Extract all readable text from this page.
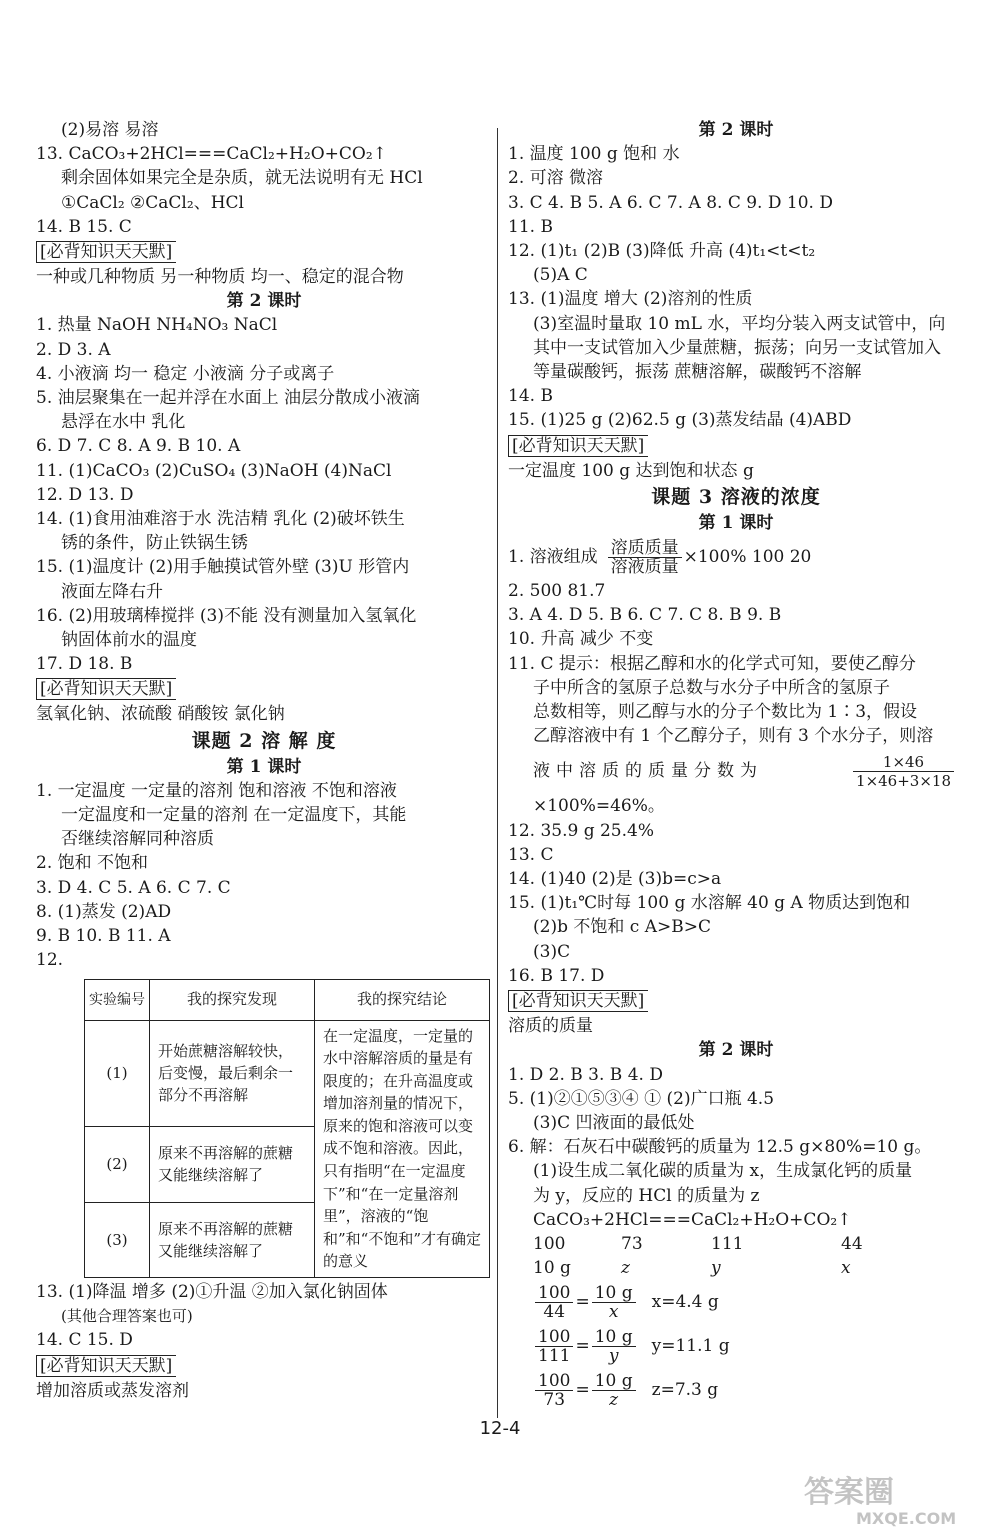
(2)易溶 易溶
13. CaCO₃+2HCl===CaCl₂+H₂O+CO₂↑
剩余固体如果完全是杂质，就无法说明有无 HCl
①CaCl₂ ②CaCl₂、HCl
14. B 15. C
[必背知识天天默]
一种或几种物质 另一种物质 均一、稳定的混合物
第 2 课时
1. 热量 NaOH NH₄NO₃ NaCl
2. D 3. A
4. 小液滴 均一 稳定 小液滴 分子或离子
5. 油层聚集在一起并浮在水面上 油层分散成小液滴
悬浮在水中 乳化
6. D 7. C 8. A 9. B 10. A
11. (1)CaCO₃ (2)CuSO₄ (3)NaOH (4)NaCl
12. D 13. D
14. (1)食用油难溶于水 洗洁精 乳化 (2)破坏铁生
锈的条件，防止铁锅生锈
15. (1)温度计 (2)用手触摸试管外壁 (3)U 形管内
液面左降右升
16. (2)用玻璃棒搅拌 (3)不能 没有测量加入氢氧化
钠固体前水的温度
17. D 18. B
[必背知识天天默]
氢氧化钠、浓硫酸 硝酸铵 氯化钠
课题 2 溶 解 度
第 1 课时
1. 一定温度 一定量的溶剂 饱和溶液 不饱和溶液
一定温度和一定量的溶剂 在一定温度下，其能
否继续溶解同种溶质
2. 饱和 不饱和
3. D 4. C 5. A 6. C 7. C
8. (1)蒸发 (2)AD
9. B 10. B 11. A
12.
实验编号	我的探究发现	我的探究结论
(1)	开始蔗糖溶解较快，后变慢，最后剩余一部分不再溶解	在一定温度，一定量的水中溶解溶质的量是有限度的；在升高温度或增加溶剂量的情况下，原来的饱和溶液可以变成不饱和溶液。因此，只有指明“在一定温度下”和“在一定量溶剂里”，溶液的“饱和”和“不饱和”才有确定的意义
(2)	原来不再溶解的蔗糖又能继续溶解了	
(3)	原来不再溶解的蔗糖又能继续溶解了	
13. (1)降温 增多 (2)①升温 ②加入氯化钠固体
(其他合理答案也可)
14. C 15. D
[必背知识天天默]
增加溶质或蒸发溶剂
第 2 课时
1. 温度 100 g 饱和 水
2. 可溶 微溶
3. C 4. B 5. A 6. C 7. A 8. C 9. D 10. D
11. B
12. (1)t₁ (2)B (3)降低 升高 (4)t₁<t<t₂
(5)A C
13. (1)温度 增大 (2)溶剂的性质
(3)室温时量取 10 mL 水，平均分装入两支试管中，向
其中一支试管加入少量蔗糖，振荡；向另一支试管加入
等量碳酸钙，振荡 蔗糖溶解，碳酸钙不溶解
14. B
15. (1)25 g (2)62.5 g (3)蒸发结晶 (4)ABD
[必背知识天天默]
一定温度 100 g 达到饱和状态 g
课题 3 溶液的浓度
第 1 课时
1. 溶液组成 $\frac{\text{溶质质量}}{\text{溶液质量}} \times 100\%$ 100 20
2. 500 81.7
3. A 4. D 5. B 6. C 7. C 8. B 9. B
10. 升高 减少 不变
11. C 提示：根据乙醇和水的化学式可知，要使乙醇分
子中所含的氢原子总数与水分子中所含的氢原子
总数相等，则乙醇与水的分子个数比为 1∶3，假设
乙醇溶液中有 1 个乙醇分子，则有 3 个水分子，则溶
液中溶质的质量分数为	$\frac{1\times 46}{1\times 46+3\times 18}$
×100%=46%。
12. 35.9 g 25.4%
13. C
14. (1)40 (2)是 (3)b=c>a
15. (1)t₁℃时每 100 g 水溶解 40 g A 物质达到饱和
(2)b 不饱和 c A>B>C
(3)C
16. B 17. D
[必背知识天天默]
溶质的质量
第 2 课时
1. D 2. B 3. B 4. D
5. (1)②①⑤③④ ① (2)广口瓶 4.5
(3)C 凹液面的最低处
6. 解：石灰石中碳酸钙的质量为 12.5 g×80%=10 g。
(1)设生成二氧化碳的质量为 x，生成氯化钙的质量
为 y，反应的 HCl 的质量为 z
CaCO₃+2HCl===CaCl₂+H₂O+CO₂↑
100	73	111	44
10 g	z	y	x
$\frac{100}{44} = \frac{10 g}{x} x=4.4$ g
$\frac{100}{111} = \frac{10 g}{y} y=11.1$ g
$\frac{100}{73} = \frac{10 g}{z} z=7.3$ g
12-4
答案圈
MXQE.COM
